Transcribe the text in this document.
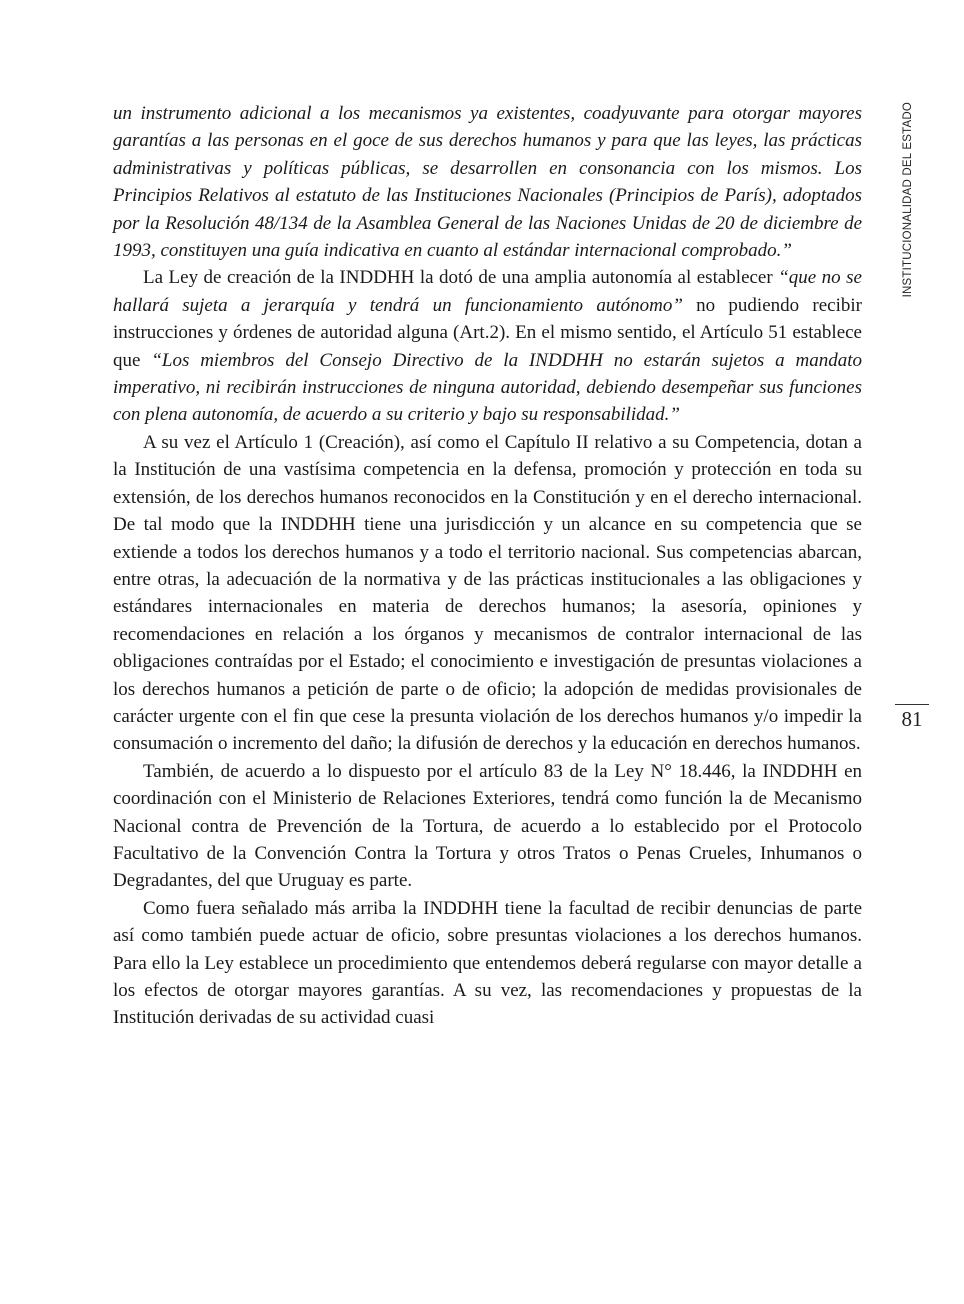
INSTITUCIONALIDAD DEL ESTADO
81

un instrumento adicional a los mecanismos ya existentes, coadyuvante para otorgar mayores garantías a las personas en el goce de sus derechos humanos y para que las leyes, las prácticas administrativas y políticas públicas, se desarrollen en consonancia con los mismos. Los Principios Relativos al estatuto de las Instituciones Nacionales (Principios de París), adoptados por la Resolución 48/134 de la Asamblea General de las Naciones Unidas de 20 de diciembre de 1993, constituyen una guía indicativa en cuanto al estándar internacional comprobado.”

La Ley de creación de la INDDHH la dotó de una amplia autonomía al establecer “que no se hallará sujeta a jerarquía y tendrá un funcionamiento autónomo” no pudiendo recibir instrucciones y órdenes de autoridad alguna (Art.2). En el mismo sentido, el Artículo 51 establece que “Los miembros del Consejo Directivo de la INDDHH no estarán sujetos a mandato imperativo, ni recibirán instrucciones de ninguna autoridad, debiendo desempeñar sus funciones con plena autonomía, de acuerdo a su criterio y bajo su responsabilidad.”

A su vez el Artículo 1 (Creación), así como el Capítulo II relativo a su Competencia, dotan a la Institución de una vastísima competencia en la defensa, promoción y protección en toda su extensión, de los derechos humanos reconocidos en la Constitución y en el derecho internacional. De tal modo que la INDDHH tiene una jurisdicción y un alcance en su competencia que se extiende a todos los derechos humanos y a todo el territorio nacional. Sus competencias abarcan, entre otras, la adecuación de la normativa y de las prácticas institucionales a las obligaciones y estándares internacionales en materia de derechos humanos; la asesoría, opiniones y recomendaciones en relación a los órganos y mecanismos de contralor internacional de las obligaciones contraídas por el Estado; el conocimiento e investigación de presuntas violaciones a los derechos humanos a petición de parte o de oficio; la adopción de medidas provisionales de carácter urgente con el fin que cese la presunta violación de los derechos humanos y/o impedir la consumación o incremento del daño; la difusión de derechos y la educación en derechos humanos.

También, de acuerdo a lo dispuesto por el artículo 83 de la Ley N° 18.446, la INDDHH en coordinación con el Ministerio de Relaciones Exteriores, tendrá como función la de Mecanismo Nacional contra de Prevención de la Tortura, de acuerdo a lo establecido por el Protocolo Facultativo de la Convención Contra la Tortura y otros Tratos o Penas Crueles, Inhumanos o Degradantes, del que Uruguay es parte.

Como fuera señalado más arriba la INDDHH tiene la facultad de recibir denuncias de parte así como también puede actuar de oficio, sobre presuntas violaciones a los derechos humanos. Para ello la Ley establece un procedimiento que entendemos deberá regularse con mayor detalle a los efectos de otorgar mayores garantías. A su vez, las recomendaciones y propuestas de la Institución derivadas de su actividad cuasi
